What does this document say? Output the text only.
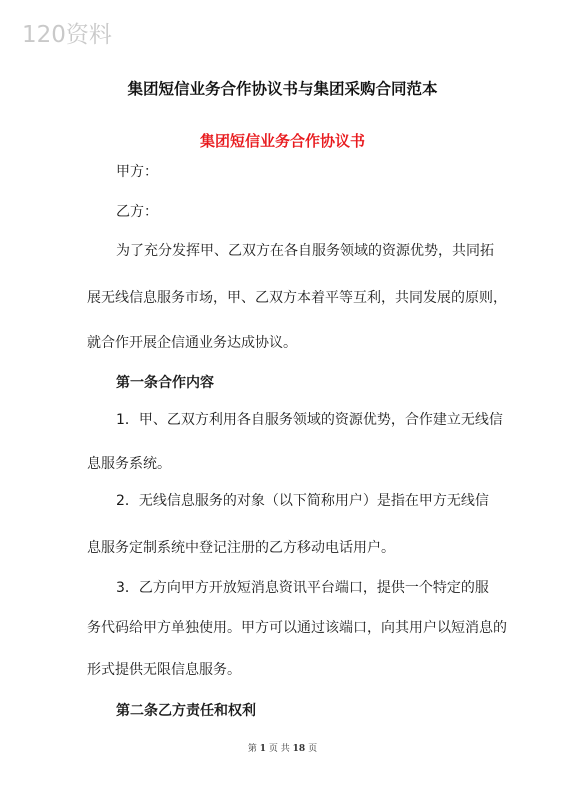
120资料
集团短信业务合作协议书与集团采购合同范本
集团短信业务合作协议书
甲方：
乙方：
为了充分发挥甲、乙双方在各自服务领域的资源优势，共同拓
展无线信息服务市场，甲、乙双方本着平等互利，共同发展的原则，
就合作开展企信通业务达成协议。
第一条合作内容
1．甲、乙双方利用各自服务领域的资源优势，合作建立无线信
息服务系统。
2．无线信息服务的对象（以下简称用户）是指在甲方无线信
息服务定制系统中登记注册的乙方移动电话用户。
3．乙方向甲方开放短消息资讯平台端口，提供一个特定的服
务代码给甲方单独使用。甲方可以通过该端口，向其用户以短消息的
形式提供无限信息服务。
第二条乙方责任和权利
第 1 页 共 18 页
